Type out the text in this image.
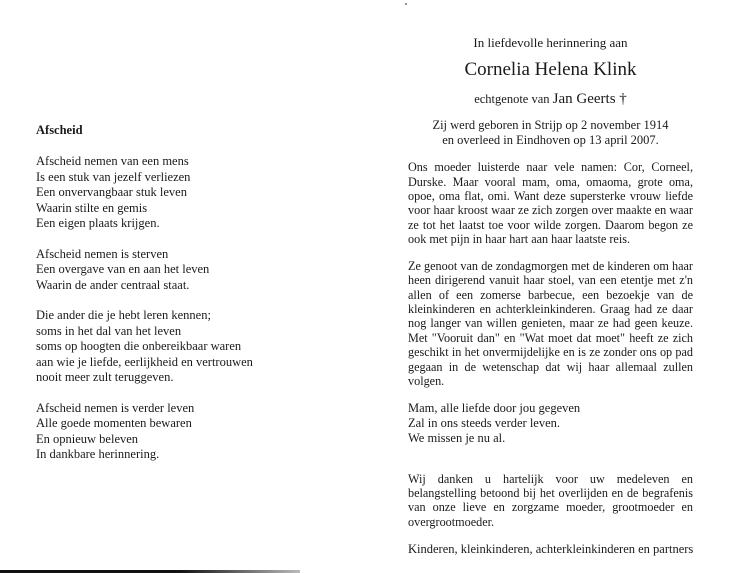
Afscheid
Afscheid nemen van een mens
Is een stuk van jezelf verliezen
Een onvervangbaar stuk leven
Waarin stilte en gemis
Een eigen plaats krijgen.
Afscheid nemen is sterven
Een overgave van en aan het leven
Waarin de ander centraal staat.
Die ander die je hebt leren kennen;
soms in het dal van het leven
soms op hoogten die onbereikbaar waren
aan wie je liefde, eerlijkheid en vertrouwen
nooit meer zult teruggeven.
Afscheid nemen is verder leven
Alle goede momenten bewaren
En opnieuw beleven
In dankbare herinnering.
In liefdevolle herinnering aan
Cornelia Helena Klink
echtgenote van Jan Geerts †
Zij werd geboren in Strijp op 2 november 1914
en overleed in Eindhoven op 13 april 2007.

Ons moeder luisterde naar vele namen: Cor, Corneel, Durske. Maar vooral mam, oma, omaoma, grote oma, opoe, oma flat, omi. Want deze supersterke vrouw liefde voor haar kroost waar ze zich zorgen over maakte en waar ze tot het laatst toe voor wilde zorgen. Daarom begon ze ook met pijn in haar hart aan haar laatste reis.

Ze genoot van de zondagmorgen met de kinderen om haar heen dirigerend vanuit haar stoel, van een etentje met z'n allen of een zomerse barbecue, een bezoekje van de kleinkinderen en achterkleinkinderen. Graag had ze daar nog langer van willen genieten, maar ze had geen keuze. Met "Vooruit dan" en "Wat moet dat moet" heeft ze zich geschikt in het onvermijdelijke en is ze zonder ons op pad gegaan in de wetenschap dat wij haar allemaal zullen volgen.

Mam, alle liefde door jou gegeven
Zal in ons steeds verder leven.
We missen je nu al.

Wij danken u hartelijk voor uw medeleven en belangstelling betoond bij het overlijden en de begrafenis van onze lieve en zorgzame moeder, grootmoeder en overgrootmoeder.

Kinderen, kleinkinderen, achterkleinkinderen en partners
